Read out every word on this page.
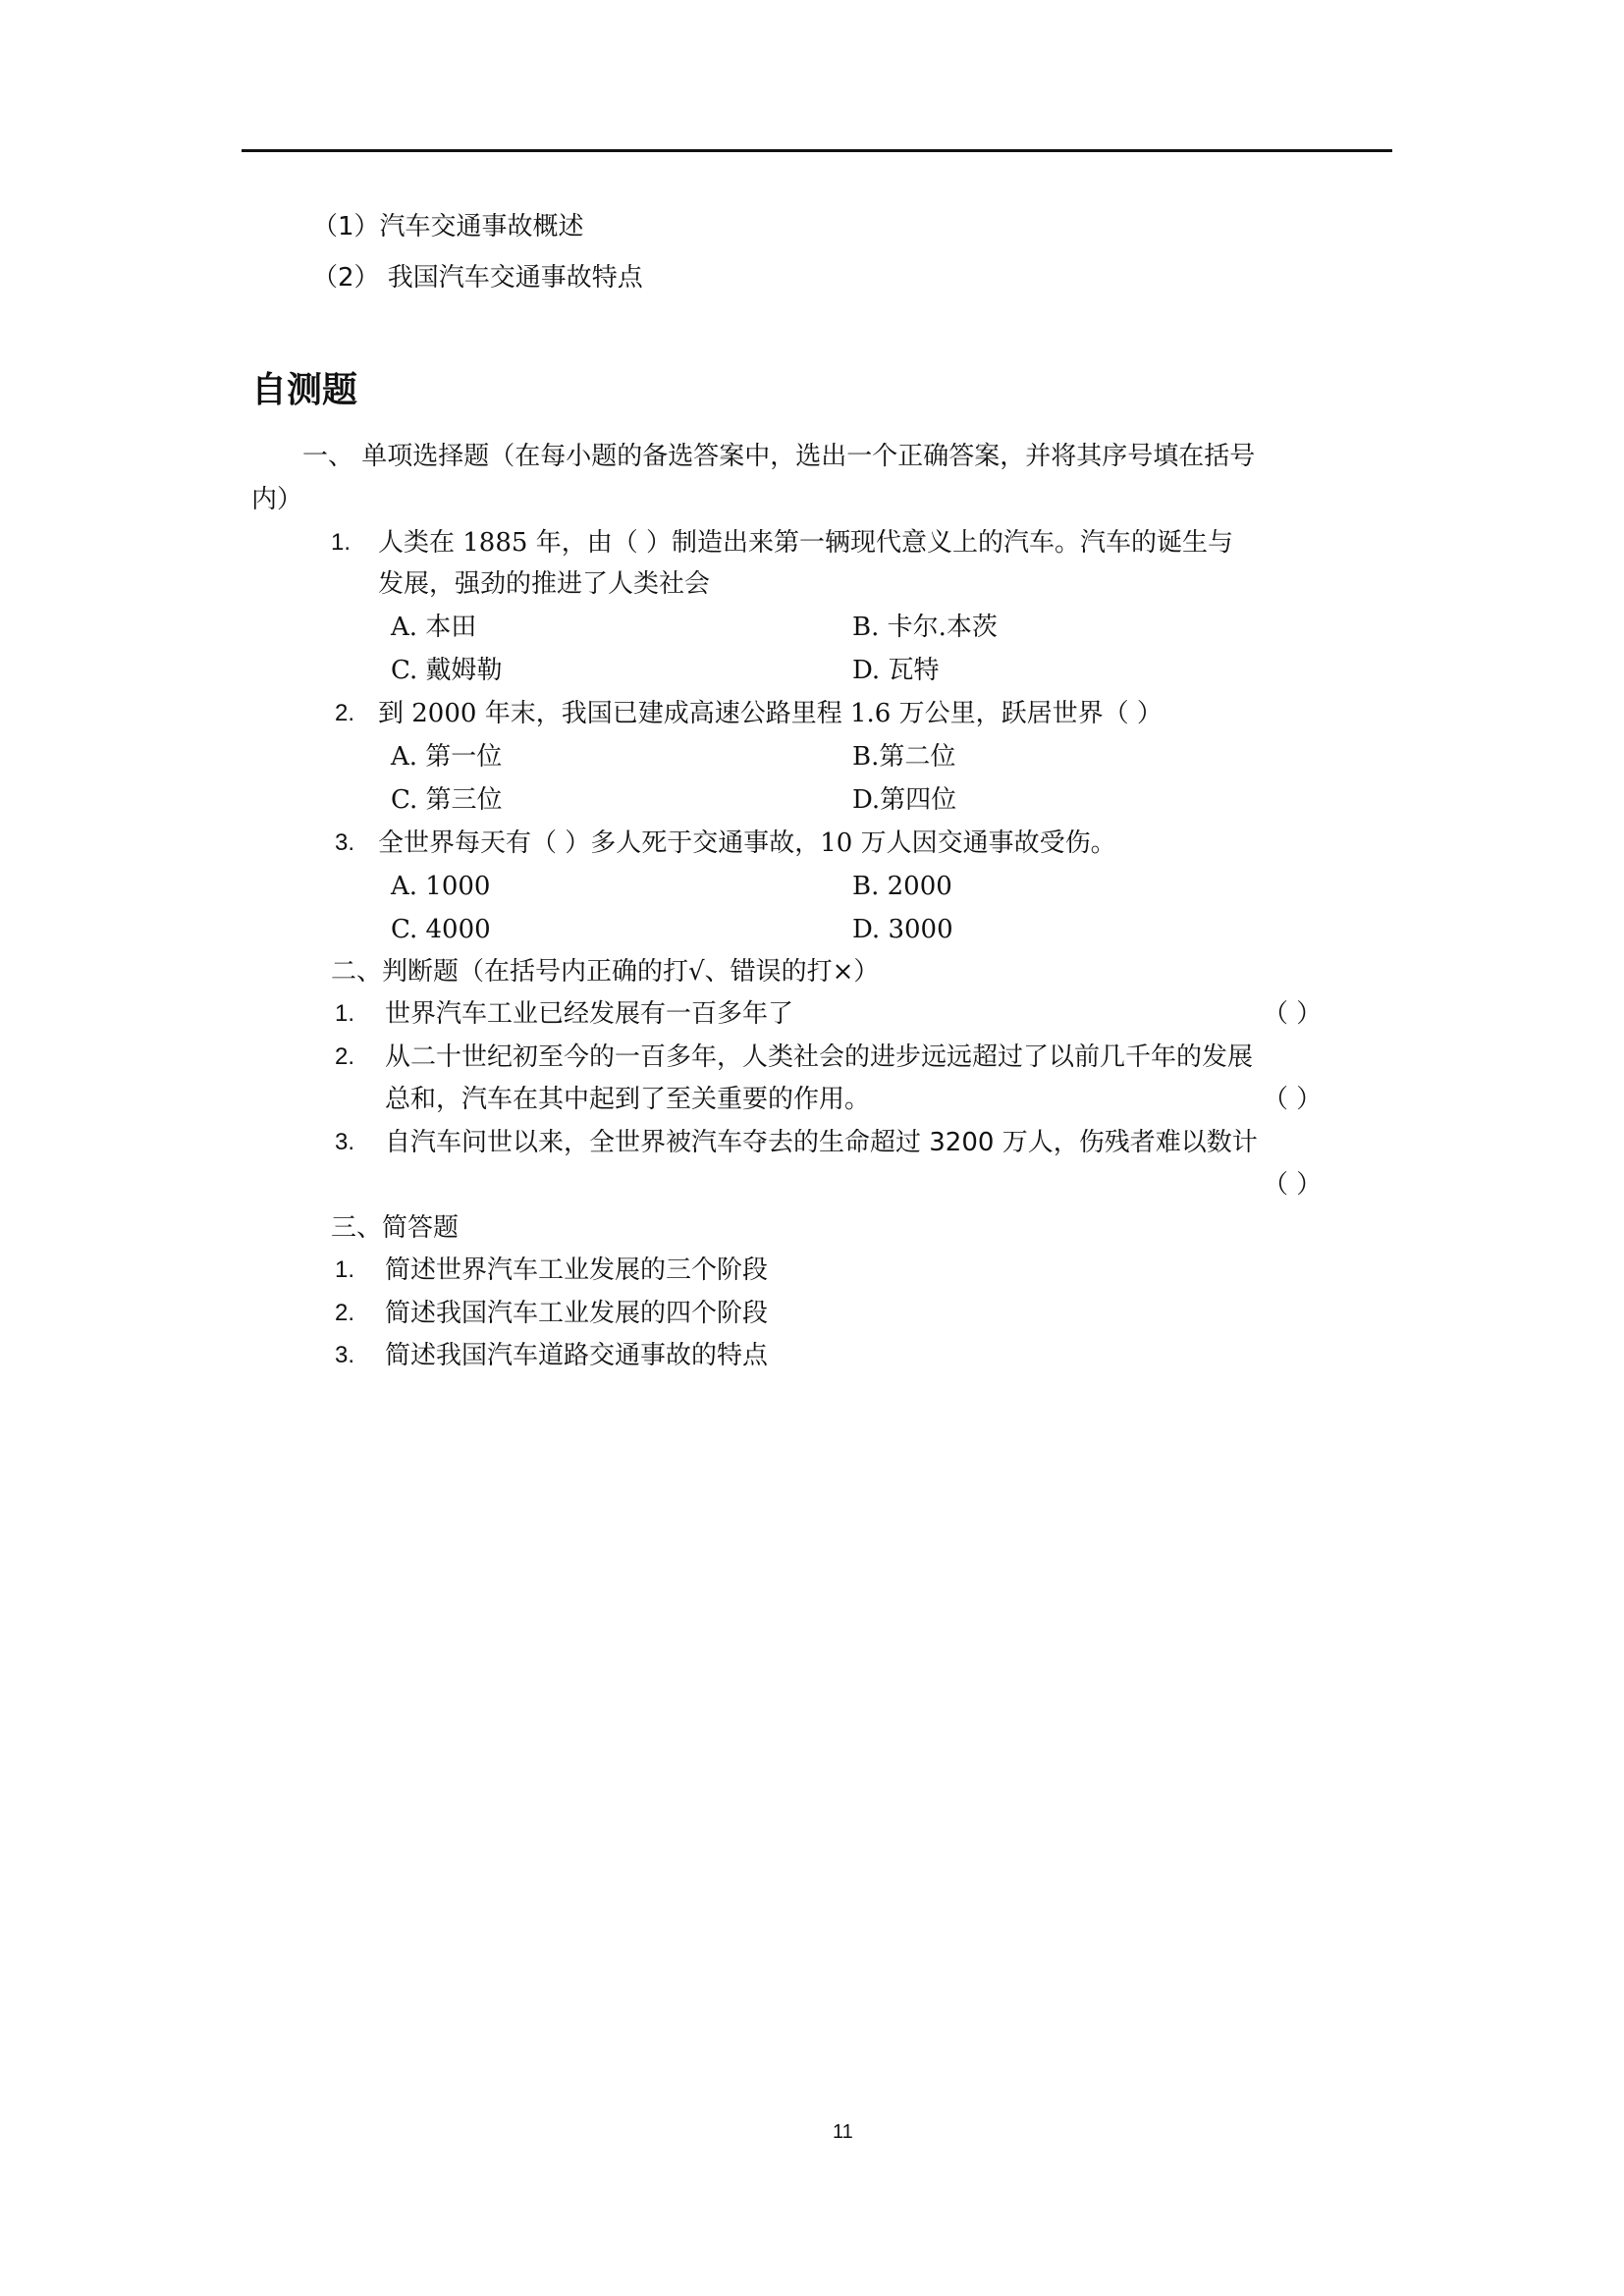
（1）汽车交通事故概述
（2） 我国汽车交通事故特点
自测题
一、 单项选择题（在每小题的备选答案中，选出一个正确答案，并将其序号填在括号
内）
1. 人类在 1885 年，由（ ）制造出来第一辆现代意义上的汽车。汽车的诞生与
发展，强劲的推进了人类社会
A. 本田	B. 卡尔.本茨
C. 戴姆勒	D. 瓦特
2. 到 2000 年末，我国已建成高速公路里程 1.6 万公里，跃居世界（ ）
A. 第一位	B.第二位
C. 第三位	D.第四位
3. 全世界每天有（ ）多人死于交通事故，10 万人因交通事故受伤。
A. 1000	B. 2000
C. 4000	D. 3000
二、判断题（在括号内正确的打√、错误的打×）
1. 世界汽车工业已经发展有一百多年了	（ ）
2. 从二十世纪初至今的一百多年，人类社会的进步远远超过了以前几千年的发展
总和，汽车在其中起到了至关重要的作用。	（ ）
3. 自汽车问世以来，全世界被汽车夺去的生命超过 3200 万人，伤残者难以数计
（ ）
三、简答题
1. 简述世界汽车工业发展的三个阶段
2. 简述我国汽车工业发展的四个阶段
3. 简述我国汽车道路交通事故的特点
11
